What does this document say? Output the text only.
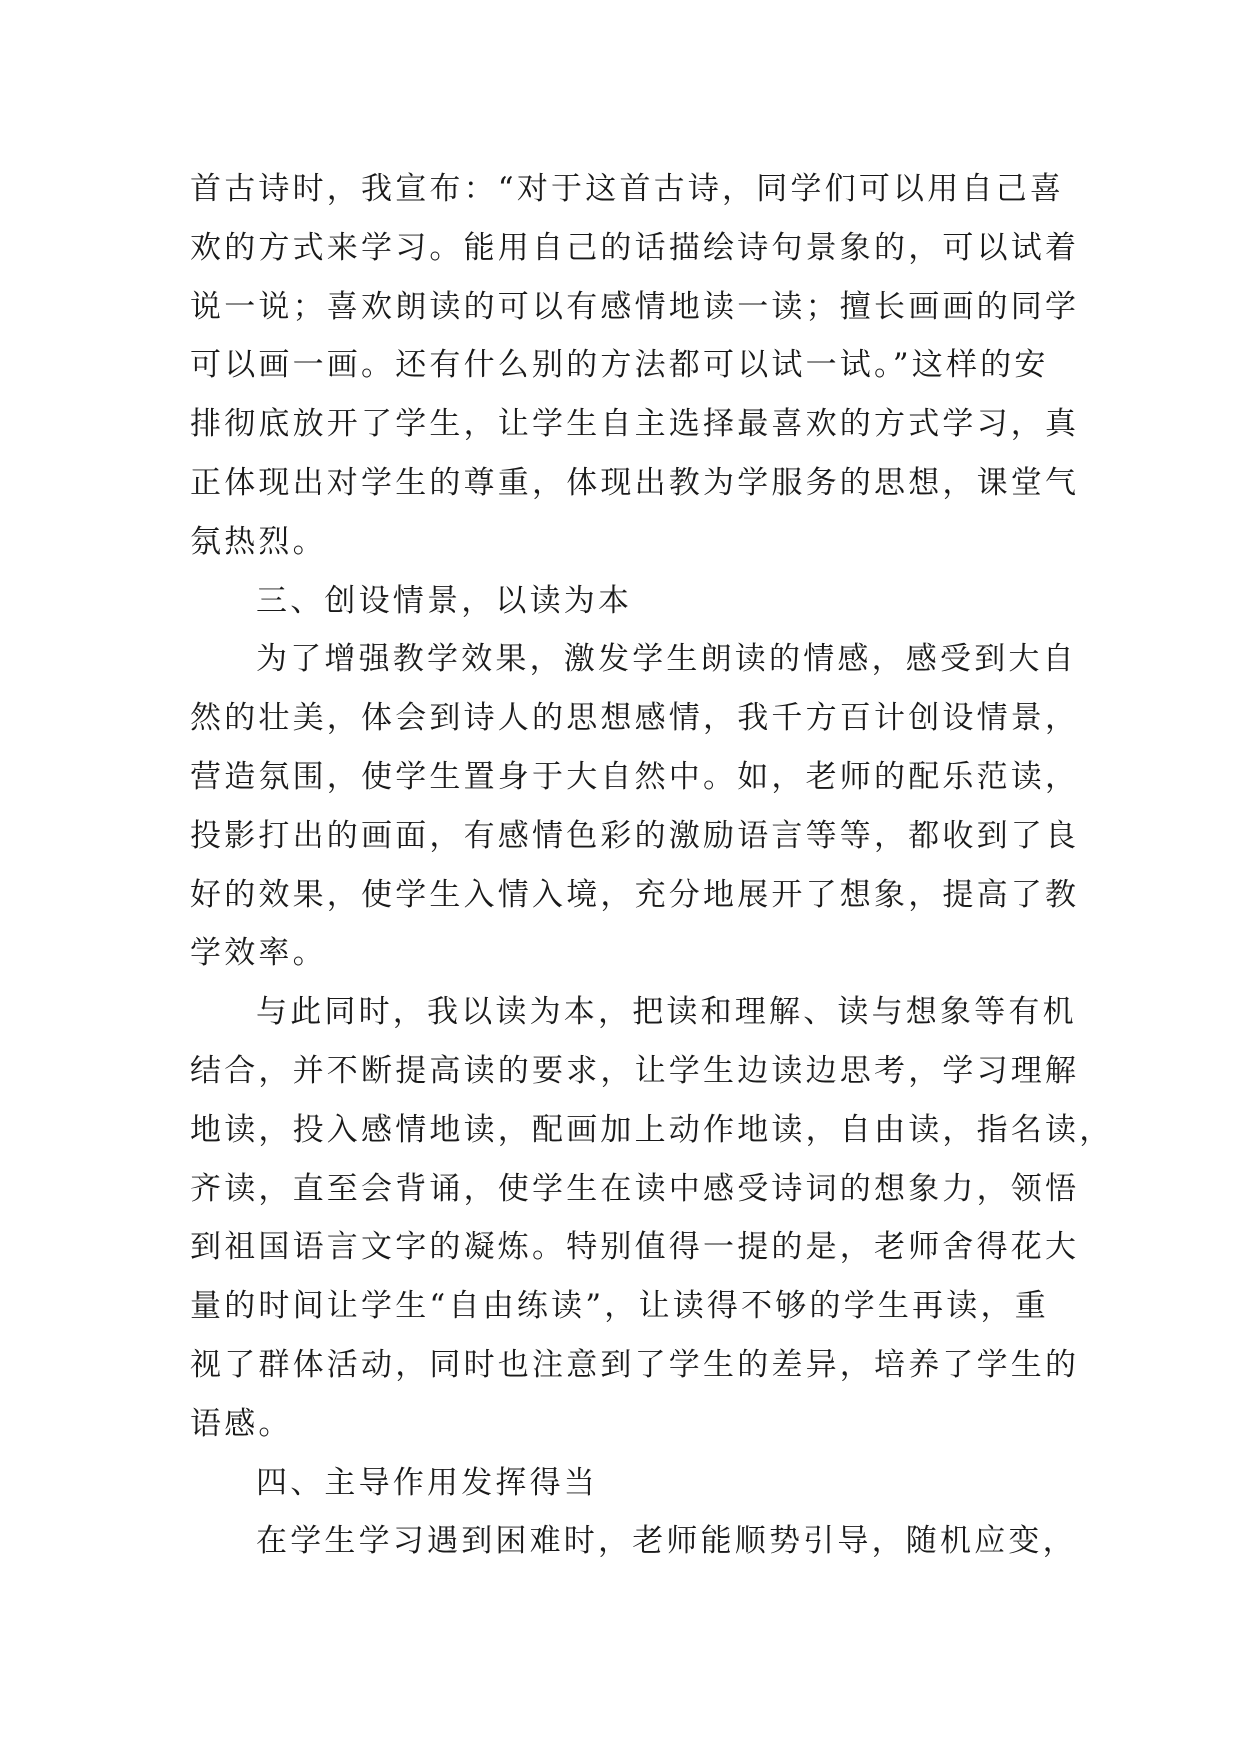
首古诗时，我宣布：“对于这首古诗，同学们可以用自己喜
欢的方式来学习。能用自己的话描绘诗句景象的，可以试着
说一说；喜欢朗读的可以有感情地读一读；擅长画画的同学
可以画一画。还有什么别的方法都可以试一试。”这样的安
排彻底放开了学生，让学生自主选择最喜欢的方式学习，真
正体现出对学生的尊重，体现出教为学服务的思想，课堂气
氛热烈。
三、创设情景，以读为本
为了增强教学效果，激发学生朗读的情感，感受到大自
然的壮美，体会到诗人的思想感情，我千方百计创设情景，
营造氛围，使学生置身于大自然中。如，老师的配乐范读，
投影打出的画面，有感情色彩的激励语言等等，都收到了良
好的效果，使学生入情入境，充分地展开了想象，提高了教
学效率。
与此同时，我以读为本，把读和理解、读与想象等有机
结合，并不断提高读的要求，让学生边读边思考，学习理解
地读，投入感情地读，配画加上动作地读，自由读，指名读，
齐读，直至会背诵，使学生在读中感受诗词的想象力，领悟
到祖国语言文字的凝炼。特别值得一提的是，老师舍得花大
量的时间让学生“自由练读”，让读得不够的学生再读，重
视了群体活动，同时也注意到了学生的差异，培养了学生的
语感。
四、主导作用发挥得当
在学生学习遇到困难时，老师能顺势引导，随机应变，
